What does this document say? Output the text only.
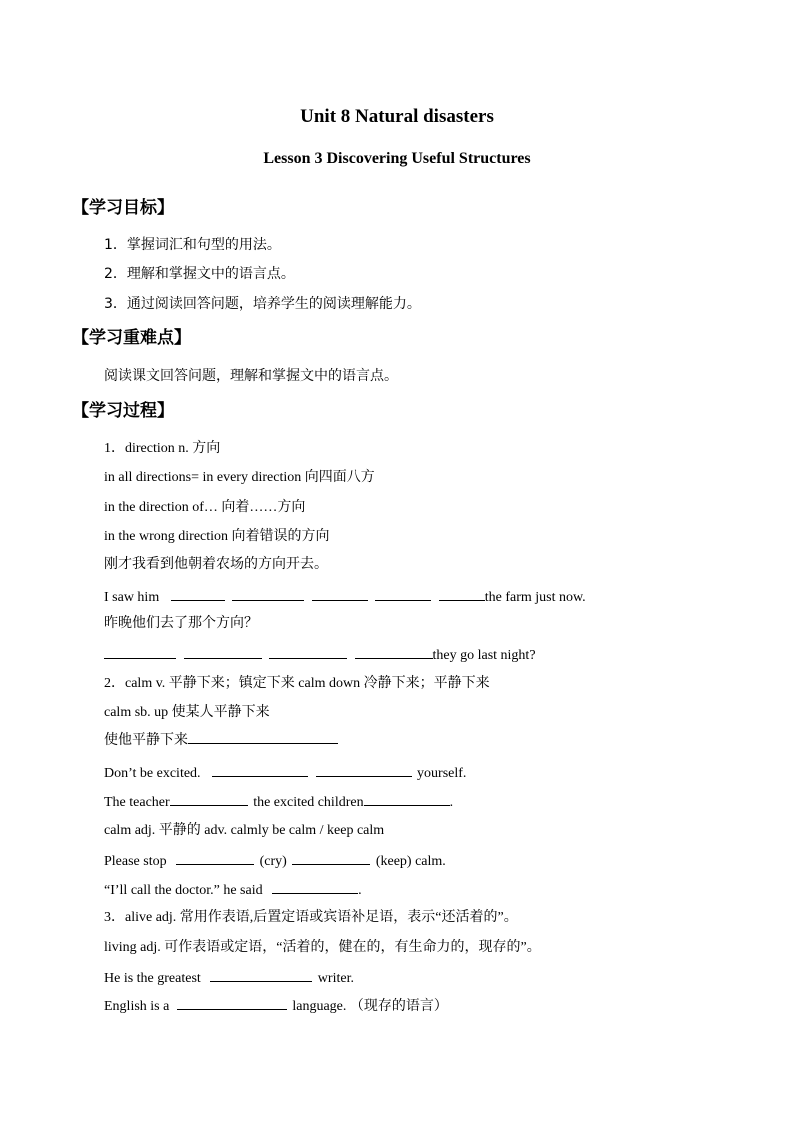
Unit 8 Natural disasters
Lesson 3 Discovering Useful Structures
【学习目标】
1．掌握词汇和句型的用法。
2．理解和掌握文中的语言点。
3．通过阅读回答问题，培养学生的阅读理解能力。
【学习重难点】
阅读课文回答问题，理解和掌握文中的语言点。
【学习过程】
1．direction n. 方向
in all directions= in every direction 向四面八方
in the direction of… 向着……方向
in the wrong direction 向着错误的方向
刚才我看到他朝着农场的方向开去。
I saw him	the farm just now.
昨晚他们去了那个方向？
they go last night?
2．calm v. 平静下来；镇定下来 calm down 冷静下来；平静下来
calm sb. up 使某人平静下来
使他平静下来
Don’t be excited.	yourself.
The teacher	the excited children	.
calm adj. 平静的 adv. calmly be calm / keep calm
Please stop	(cry)	(keep) calm.
“I’ll call the doctor.” he said	.
3．alive adj. 常用作表语,后置定语或宾语补足语，表示“还活着的”。
living adj. 可作表语或定语，“活着的，健在的，有生命力的，现存的”。
He is the greatest	writer.
English is a	language. （现存的语言）
